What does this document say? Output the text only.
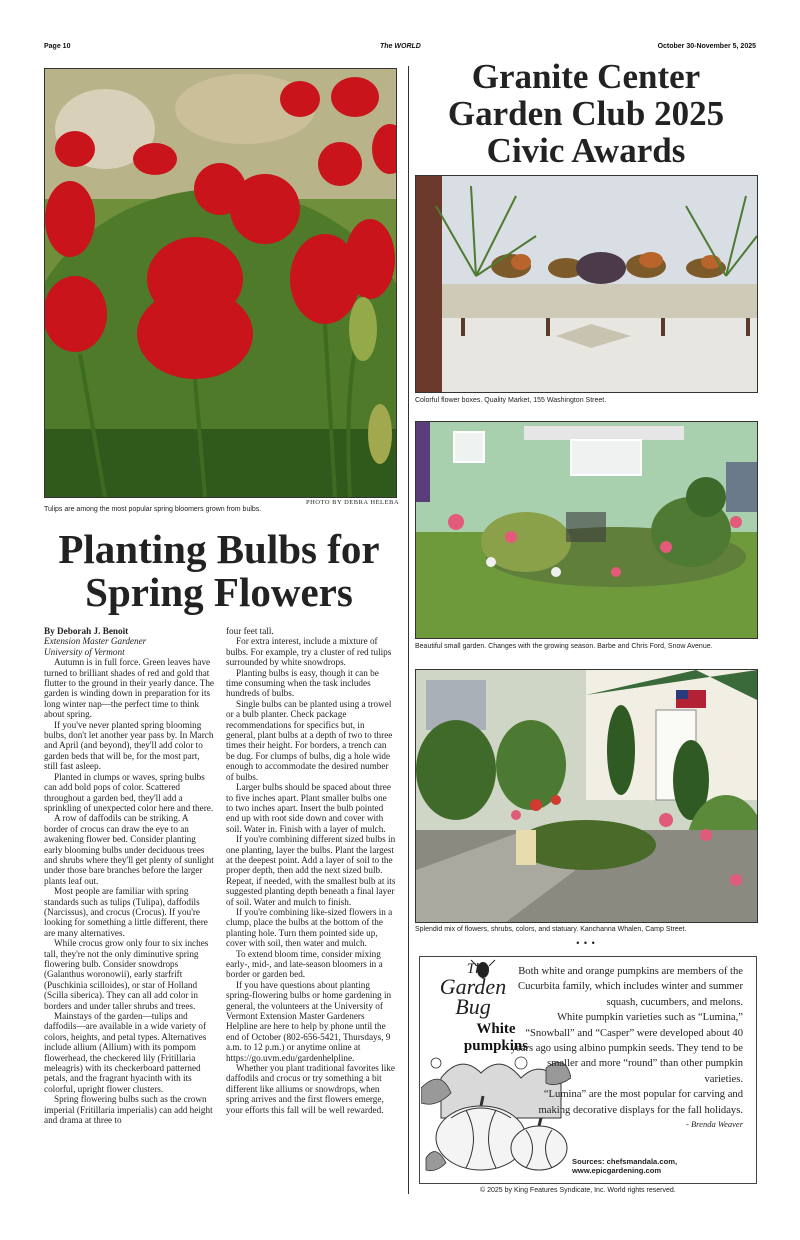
Page 10	The WORLD	October 30-November 5, 2025
PHOTO BY DEBRA HELEBA
Tulips are among the most popular spring bloomers grown from bulbs.
Planting Bulbs for
Spring Flowers

By Deborah J. Benoit

Extension Master Gardener

University of Vermont

Autumn is in full force. Green leaves have turned to brilliant shades of red and gold that flutter to the ground in their yearly dance. The garden is winding down in preparation for its long winter nap—the perfect time to think about spring.

If you've never planted spring blooming bulbs, don't let another year pass by. In March and April (and beyond), they'll add color to garden beds that will be, for the most part, still fast asleep.

Planted in clumps or waves, spring bulbs can add bold pops of color. Scattered throughout a garden bed, they'll add a sprinkling of unexpected color here and there.

A row of daffodils can be striking. A border of crocus can draw the eye to an awakening flower bed. Consider planting early blooming bulbs under deciduous trees and shrubs where they'll get plenty of sunlight under those bare branches before the larger plants leaf out.

Most people are familiar with spring standards such as tulips (Tulipa), daffodils (Narcissus), and crocus (Crocus). If you're looking for something a little different, there are many alternatives.

While crocus grow only four to six inches tall, they're not the only diminutive spring flowering bulb. Consider snowdrops (Galanthus woronowii), early starfrift (Puschkinia scilloides), or star of Holland (Scilla siberica). They can all add color in borders and under taller shrubs and trees.

Mainstays of the garden—tulips and daffodils—are available in a wide variety of colors, heights, and petal types. Alternatives include allium (Allium) with its pompom flowerhead, the checkered lily (Fritillaria meleagris) with its checkerboard patterned petals, and the fragrant hyacinth with its colorful, upright flower clusters.

Spring flowering bulbs such as the crown imperial (Fritillaria imperialis) can add height and drama at three to

four feet tall.

For extra interest, include a mixture of bulbs. For example, try a cluster of red tulips surrounded by white snowdrops.

Planting bulbs is easy, though it can be time consuming when the task includes hundreds of bulbs.

Single bulbs can be planted using a trowel or a bulb planter. Check package recommendations for specifics but, in general, plant bulbs at a depth of two to three times their height. For borders, a trench can be dug. For clumps of bulbs, dig a hole wide enough to accommodate the desired number of bulbs.

Larger bulbs should be spaced about three to five inches apart. Plant smaller bulbs one to two inches apart. Insert the bulb pointed end up with root side down and cover with soil. Water in. Finish with a layer of mulch.

If you're combining different sized bulbs in one planting, layer the bulbs. Plant the largest at the deepest point. Add a layer of soil to the proper depth, then add the next sized bulb. Repeat, if needed, with the smallest bulb at its suggested planting depth beneath a final layer of soil. Water and mulch to finish.

If you're combining like-sized flowers in a clump, place the bulbs at the bottom of the planting hole. Turn them pointed side up, cover with soil, then water and mulch.

To extend bloom time, consider mixing early-, mid-, and late-season bloomers in a border or garden bed.

If you have questions about planting spring-flowering bulbs or home gardening in general, the volunteers at the University of Vermont Extension Master Gardeners Helpline are here to help by phone until the end of October (802-656-5421, Thursdays, 9 a.m. to 12 p.m.) or anytime online at https://go.uvm.edu/gardenhelpline.

Whether you plant traditional favorites like daffodils and crocus or try something a bit different like alliums or snowdrops, when spring arrives and the first flowers emerge, your efforts this fall will be well rewarded.

Granite Center
Garden Club 2025
Civic Awards
Colorful flower boxes. Quality Market, 155 Washington Street.
Beautiful small garden. Changes with the growing season. Barbe and Chris Ford, Snow Avenue.
Splendid mix of flowers, shrubs, colors, and statuary. Kanchanna Whalen, Camp Street.
• • •
The
Garden
Bug
White pumpkins

Both white and orange pumpkins are members of the Cucurbita family, which includes winter and summer squash, cucumbers, and melons.

White pumpkin varieties such as “Lumina,” “Snowball” and “Casper” were developed about 40 years ago using albino pumpkin seeds. They tend to be smaller and more “round” than other pumpkin varieties.

“Lumina” are the most popular for carving and making decorative displays for the fall holidays.

- Brenda Weaver

Sources: chefsmandala.com,
www.epicgardening.com
© 2025 by King Features Syndicate, Inc. World rights reserved.
